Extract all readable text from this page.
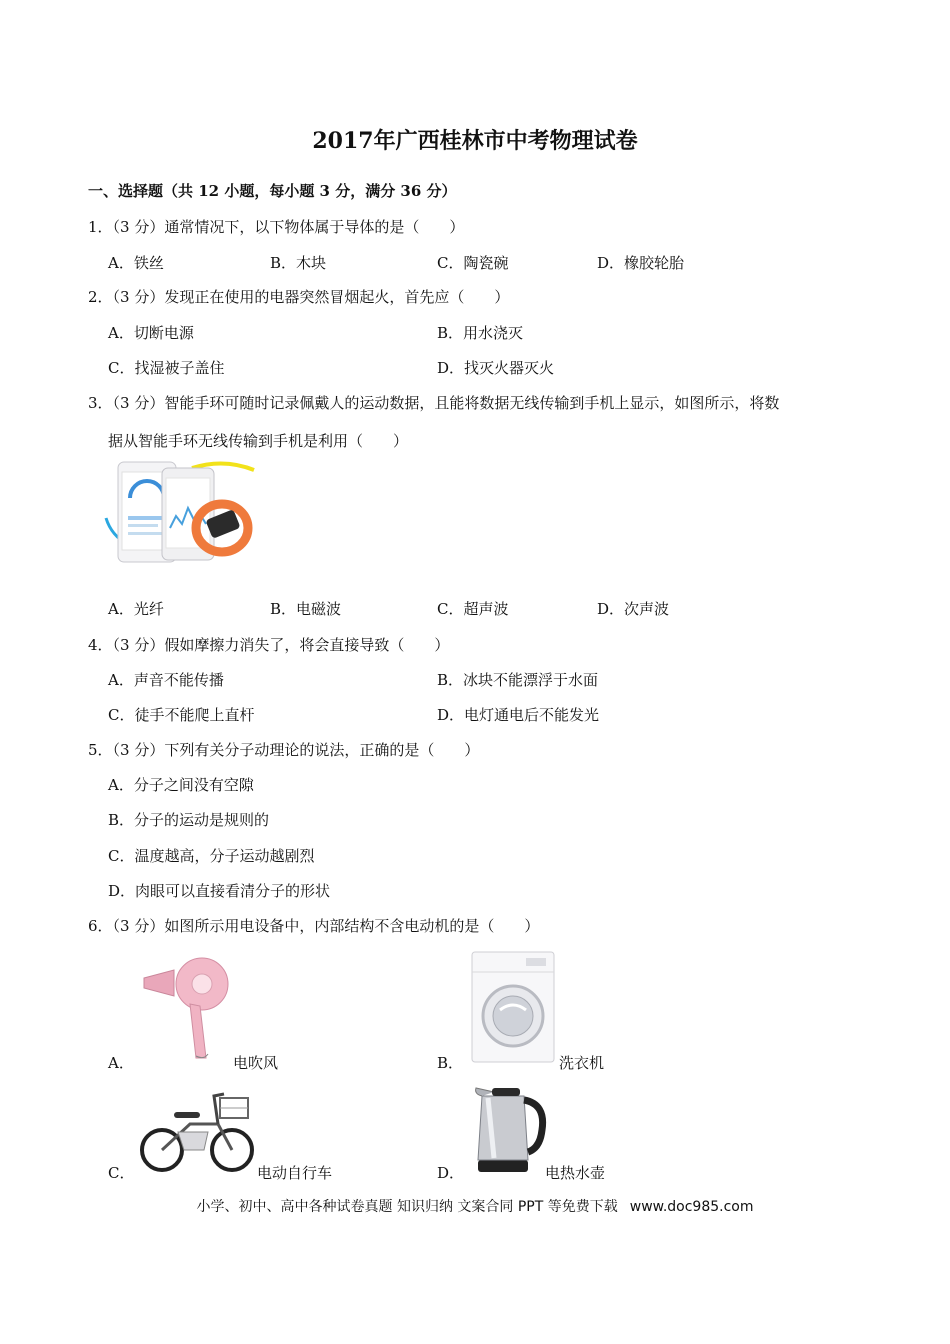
2017年广西桂林市中考物理试卷
一、选择题（共 12 小题，每小题 3 分，满分 36 分）
1．（3 分）通常情况下，以下物体属于导体的是（　　）
A．铁丝	B．木块	C．陶瓷碗	D．橡胶轮胎
2．（3 分）发现正在使用的电器突然冒烟起火，首先应（　　）
A．切断电源	B．用水浇灭
C．找湿被子盖住	D．找灭火器灭火
3．（3 分）智能手环可随时记录佩戴人的运动数据，且能将数据无线传输到手机上显示，如图所示，将数
据从智能手环无线传输到手机是利用（　　）
A．光纤	B．电磁波	C．超声波	D．次声波
4．（3 分）假如摩擦力消失了，将会直接导致（　　）
A．声音不能传播	B．冰块不能漂浮于水面
C．徒手不能爬上直杆	D．电灯通电后不能发光
5．（3 分）下列有关分子动理论的说法，正确的是（　　）
A．分子之间没有空隙
B．分子的运动是规则的
C．温度越高，分子运动越剧烈
D．肉眼可以直接看清分子的形状
6．（3 分）如图所示用电设备中，内部结构不含电动机的是（　　）
A．	电吹风	B．	洗衣机
C．	电动自行车	D．	电热水壶
小学、初中、高中各种试卷真题 知识归纳 文案合同 PPT 等免费下载 www.doc985.com
